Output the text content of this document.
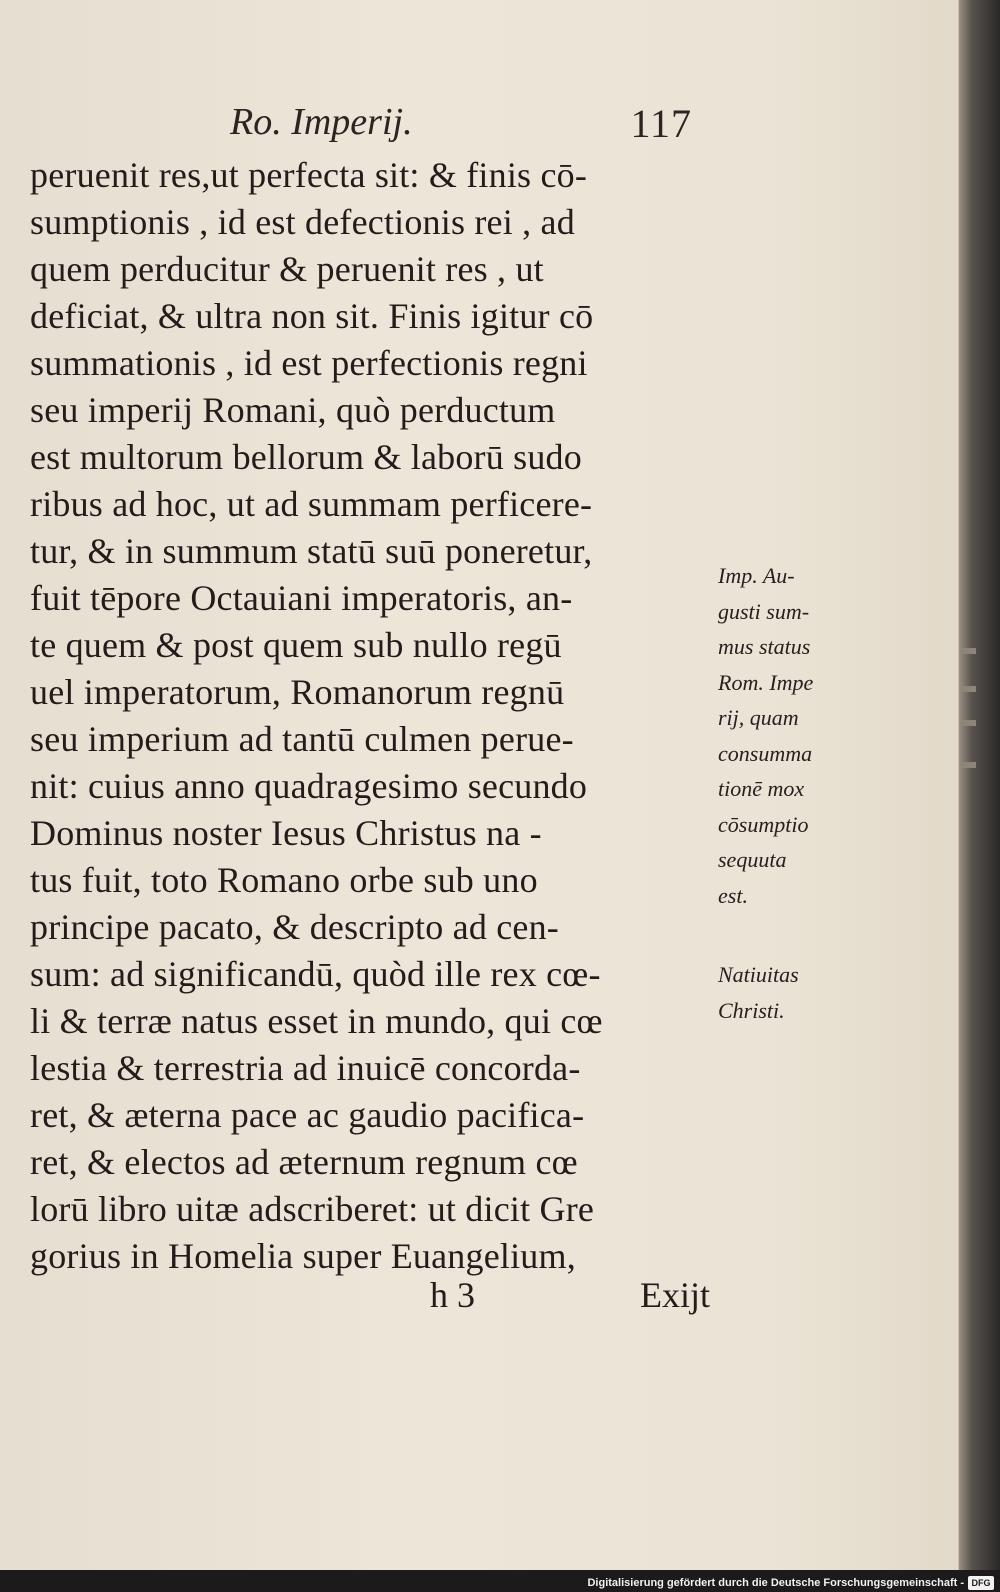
Ro. Imperij.	117
peruenit res,ut perfecta sit: & finis cō-
sumptionis , id est defectionis rei , ad
quem perducitur & peruenit res , ut
deficiat, & ultra non sit. Finis igitur cō
summationis , id est perfectionis regni
seu imperij Romani, quò perductum
est multorum bellorum & laborū sudo
ribus ad hoc, ut ad summam perficere-
tur, & in summum statū suū poneretur,
fuit tēpore Octauiani imperatoris, an-
te quem & post quem sub nullo regū
uel imperatorum, Romanorum regnū
seu imperium ad tantū culmen perue-
nit: cuius anno quadragesimo secundo
Dominus noster Iesus Christus na -
tus fuit, toto Romano orbe sub uno
principe pacato, & descripto ad cen-
sum: ad significandū, quòd ille rex cœ-
li & terræ natus esset in mundo, qui cœ
lestia & terrestria ad inuicē concorda-
ret, & æterna pace ac gaudio pacifica-
ret, & electos ad æternum regnum cœ
lorū libro uitæ adscriberet: ut dicit Gre
gorius in Homelia super Euangelium,
Imp. Au-
gusti sum-
mus status
Rom. Impe
rij, quam
consumma
tionē mox
cōsumptio
sequuta
est.
Natiuitas
Christi.
h 3	Exijt
Digitalisierung gefördert durch die Deutsche Forschungsgemeinschaft - DFG
